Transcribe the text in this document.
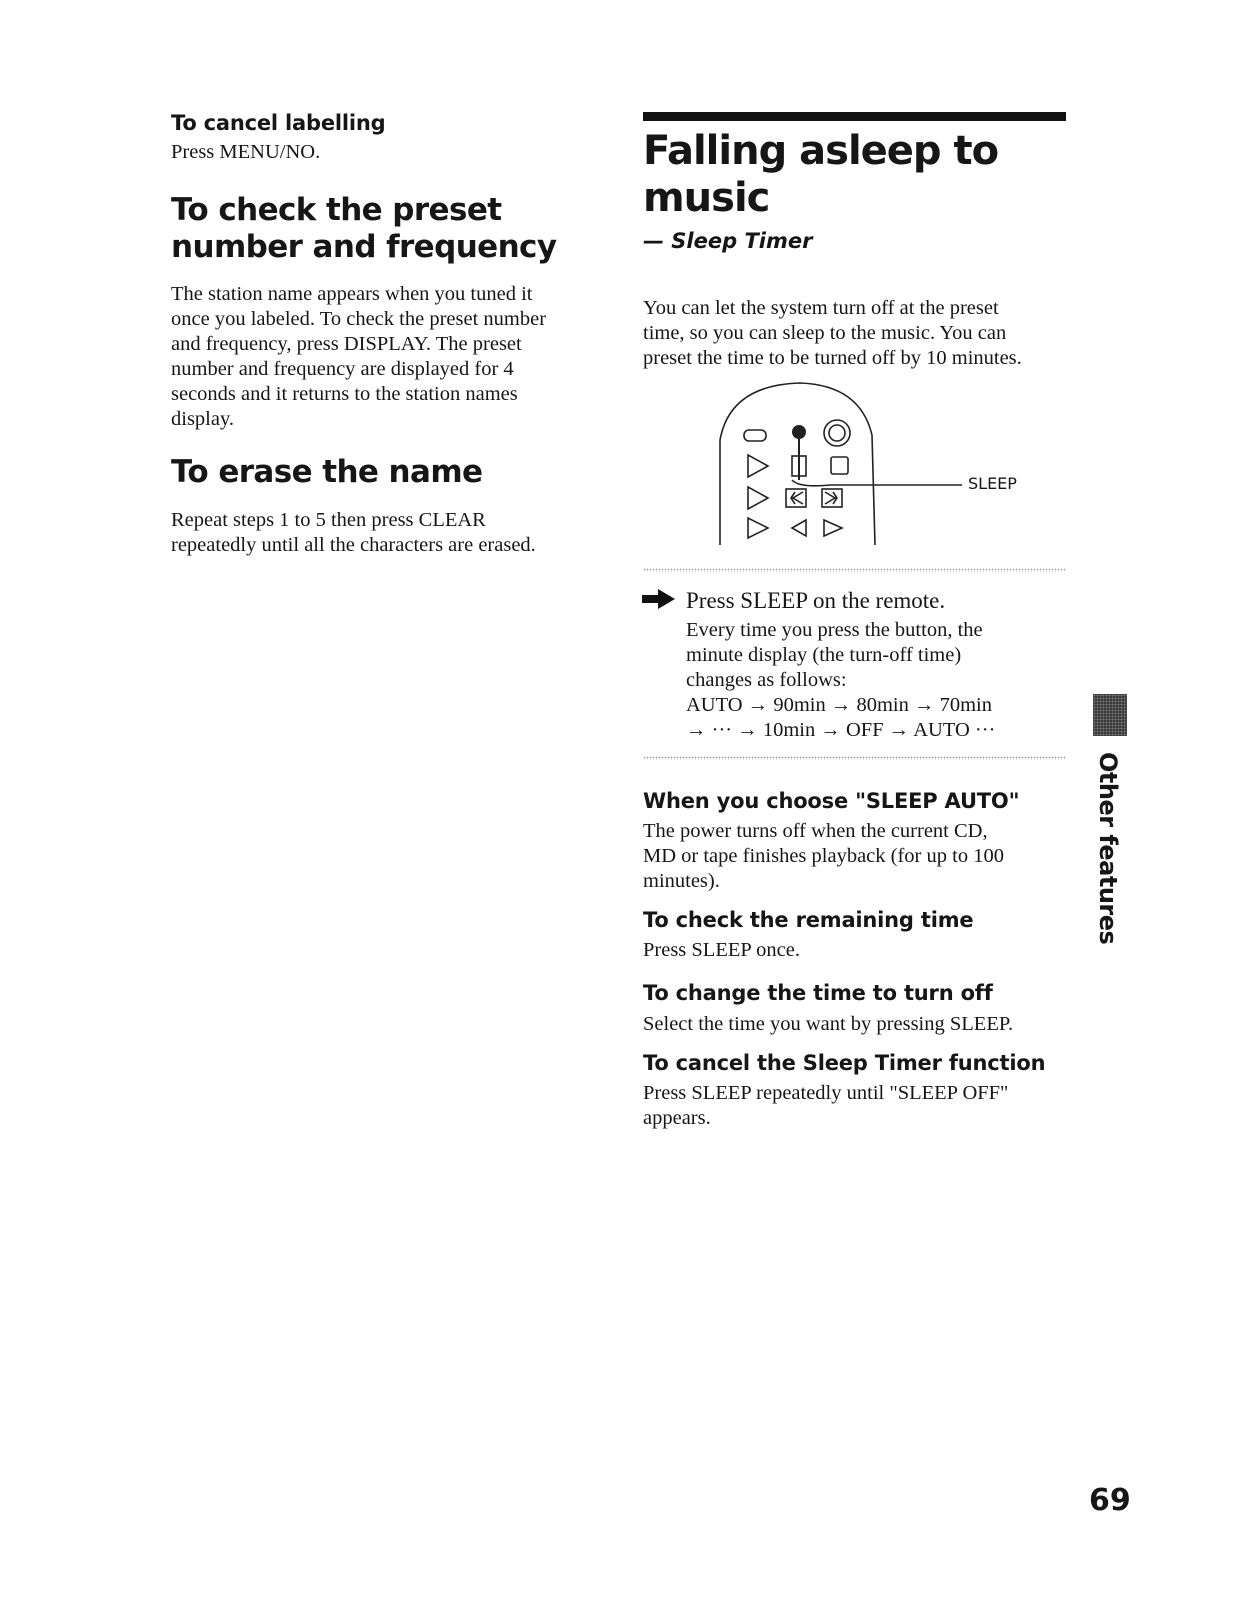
To cancel labelling
Press MENU/NO.
To check the preset
number and frequency
The station name appears when you tuned it
once you labeled. To check the preset number
and frequency, press DISPLAY. The preset
number and frequency are displayed for 4
seconds and it returns to the station names
display.
To erase the name
Repeat steps 1 to 5 then press CLEAR
repeatedly until all the characters are erased.
Falling asleep to
music
— Sleep Timer
You can let the system turn off at the preset
time, so you can sleep to the music. You can
preset the time to be turned off by 10 minutes.
SLEEP
Press SLEEP on the remote.
Every time you press the button, the
minute display (the turn-off time)
changes as follows:
AUTO → 90min → 80min → 70min
→ ··· → 10min → OFF → AUTO ···
When you choose "SLEEP AUTO"
The power turns off when the current CD,
MD or tape finishes playback (for up to 100
minutes).
To check the remaining time
Press SLEEP once.
To change the time to turn off
Select the time you want by pressing SLEEP.
To cancel the Sleep Timer function
Press SLEEP repeatedly until "SLEEP OFF"
appears.
Other features
69
